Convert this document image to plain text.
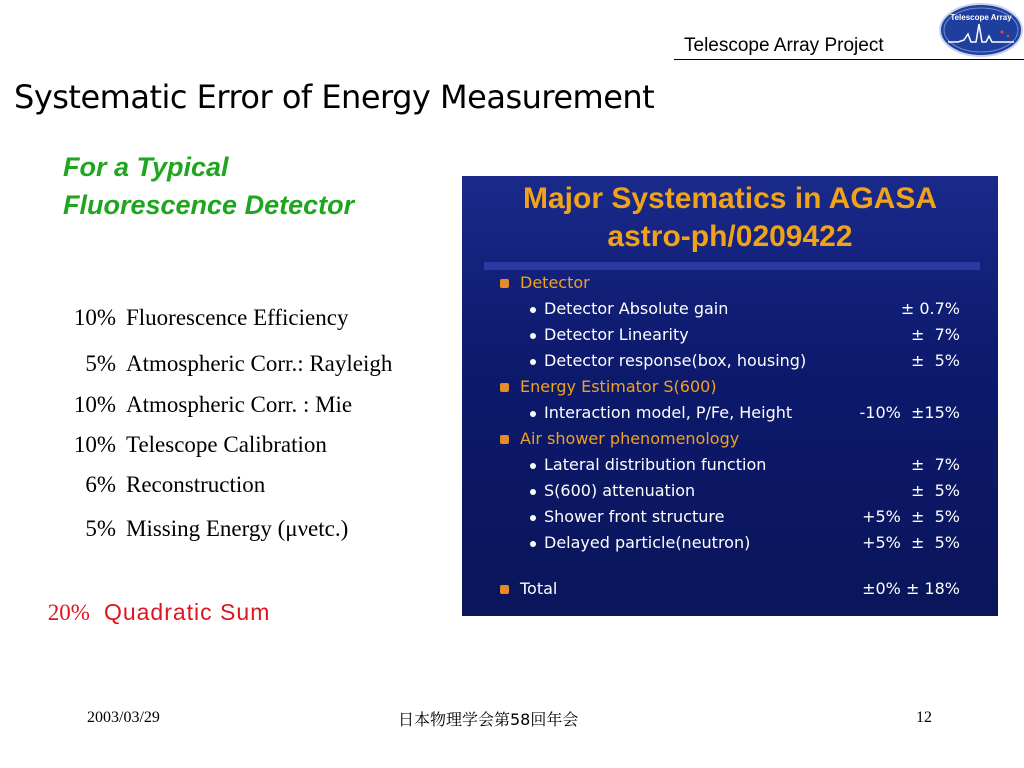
Telescope Array Project
Telescope Array
Systematic Error of Energy Measurement
For a Typical
Fluorescence Detector

10% Fluorescence Efficiency

5% Atmospheric Corr.: Rayleigh

10% Atmospheric Corr. : Mie

10% Telescope Calibration

6% Reconstruction

5% Missing Energy (μνetc.)

20% Quadratic Sum

Major Systematics in AGASA
astro-ph/0209422
Detector
Detector Absolute gain	± 0.7%
Detector Linearity	±  7%
Detector response(box, housing)	±  5%
Energy Estimator S(600)
Interaction model, P/Fe, Height	-10%  ±15%
Air shower phenomenology
Lateral distribution function	±  7%
S(600) attenuation	±  5%
Shower front structure	+5%  ±  5%
Delayed particle(neutron)	+5%  ±  5%
Total	±0% ± 18%
2003/03/29	日本物理学会第58回年会	12
